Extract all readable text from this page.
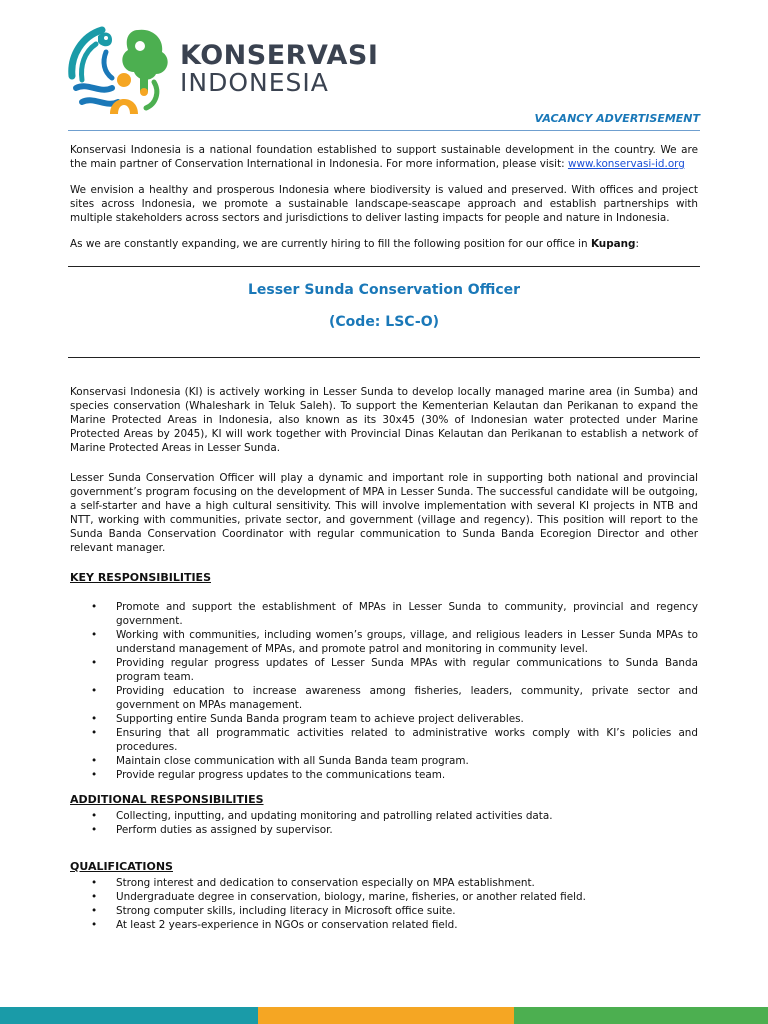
KONSERVASI
INDONESIA
VACANCY ADVERTISEMENT
Konservasi Indonesia is a national foundation established to support sustainable development in the country. We are the main partner of Conservation International in Indonesia. For more information, please visit: www.konservasi-id.org
We envision a healthy and prosperous Indonesia where biodiversity is valued and preserved. With offices and project sites across Indonesia, we promote a sustainable landscape-seascape approach and establish partnerships with multiple stakeholders across sectors and jurisdictions to deliver lasting impacts for people and nature in Indonesia.
As we are constantly expanding, we are currently hiring to fill the following position for our office in Kupang:
Lesser Sunda Conservation Officer
(Code: LSC-O)
Konservasi Indonesia (KI) is actively working in Lesser Sunda to develop locally managed marine area (in Sumba) and species conservation (Whaleshark in Teluk Saleh). To support the Kementerian Kelautan dan Perikanan to expand the Marine Protected Areas in Indonesia, also known as its 30x45 (30% of Indonesian water protected under Marine Protected Areas by 2045), KI will work together with Provincial Dinas Kelautan dan Perikanan to establish a network of Marine Protected Areas in Lesser Sunda.
Lesser Sunda Conservation Officer will play a dynamic and important role in supporting both national and provincial government’s program focusing on the development of MPA in Lesser Sunda. The successful candidate will be outgoing, a self-starter and have a high cultural sensitivity. This will involve implementation with several KI projects in NTB and NTT, working with communities, private sector, and government (village and regency). This position will report to the Sunda Banda Conservation Coordinator with regular communication to Sunda Banda Ecoregion Director and other relevant manager.
KEY RESPONSIBILITIES
• Promote and support the establishment of MPAs in Lesser Sunda to community, provincial and regency government.
• Working with communities, including women’s groups, village, and religious leaders in Lesser Sunda MPAs to understand management of MPAs, and promote patrol and monitoring in community level.
• Providing regular progress updates of Lesser Sunda MPAs with regular communications to Sunda Banda program team.
• Providing education to increase awareness among fisheries, leaders, community, private sector and government on MPAs management.
• Supporting entire Sunda Banda program team to achieve project deliverables.
• Ensuring that all programmatic activities related to administrative works comply with KI’s policies and procedures.
• Maintain close communication with all Sunda Banda team program.
• Provide regular progress updates to the communications team.
ADDITIONAL RESPONSIBILITIES
• Collecting, inputting, and updating monitoring and patrolling related activities data.
• Perform duties as assigned by supervisor.
QUALIFICATIONS
• Strong interest and dedication to conservation especially on MPA establishment.
• Undergraduate degree in conservation, biology, marine, fisheries, or another related field.
• Strong computer skills, including literacy in Microsoft office suite.
• At least 2 years-experience in NGOs or conservation related field.
